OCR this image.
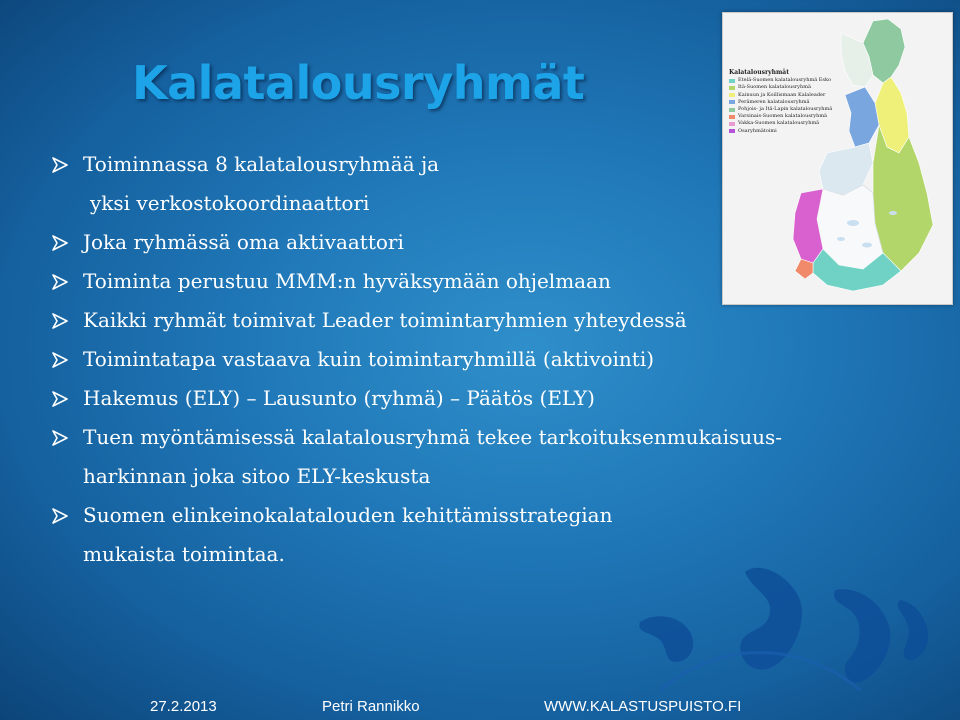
Kalatalousryhmät
Toiminnassa 8 kalatalousryhmää ja
yksi verkostokoordinaattori
Joka ryhmässä oma aktivaattori
Toiminta perustuu MMM:n hyväksymään ohjelmaan
Kaikki ryhmät toimivat Leader toimintaryhmien yhteydessä
Toimintatapa vastaava kuin toimintaryhmillä (aktivointi)
Hakemus (ELY) – Lausunto (ryhmä) – Päätös (ELY)
Tuen myöntämisessä kalatalousryhmä tekee tarkoituksenmukaisuus-
harkinnan joka sitoo ELY-keskusta
Suomen elinkeinokalatalouden kehittämisstrategian
mukaista toimintaa.
Kalatalousryhmät
Etelä-Suomen kalatalousryhmä Esko
Itä-Suomen kalatalousryhmä
Kainuun ja Koillismaan Kalaleader
Perämeren kalatalousryhmä
Pohjois- ja Itä-Lapin kalatalousryhmä
Varsinais-Suomen kalatalousryhmä
Vakka-Suomen kalatalousryhmä
Osaryhmätoimi
27.2.2013	Petri Rannikko	WWW.KALASTUSPUISTO.FI
